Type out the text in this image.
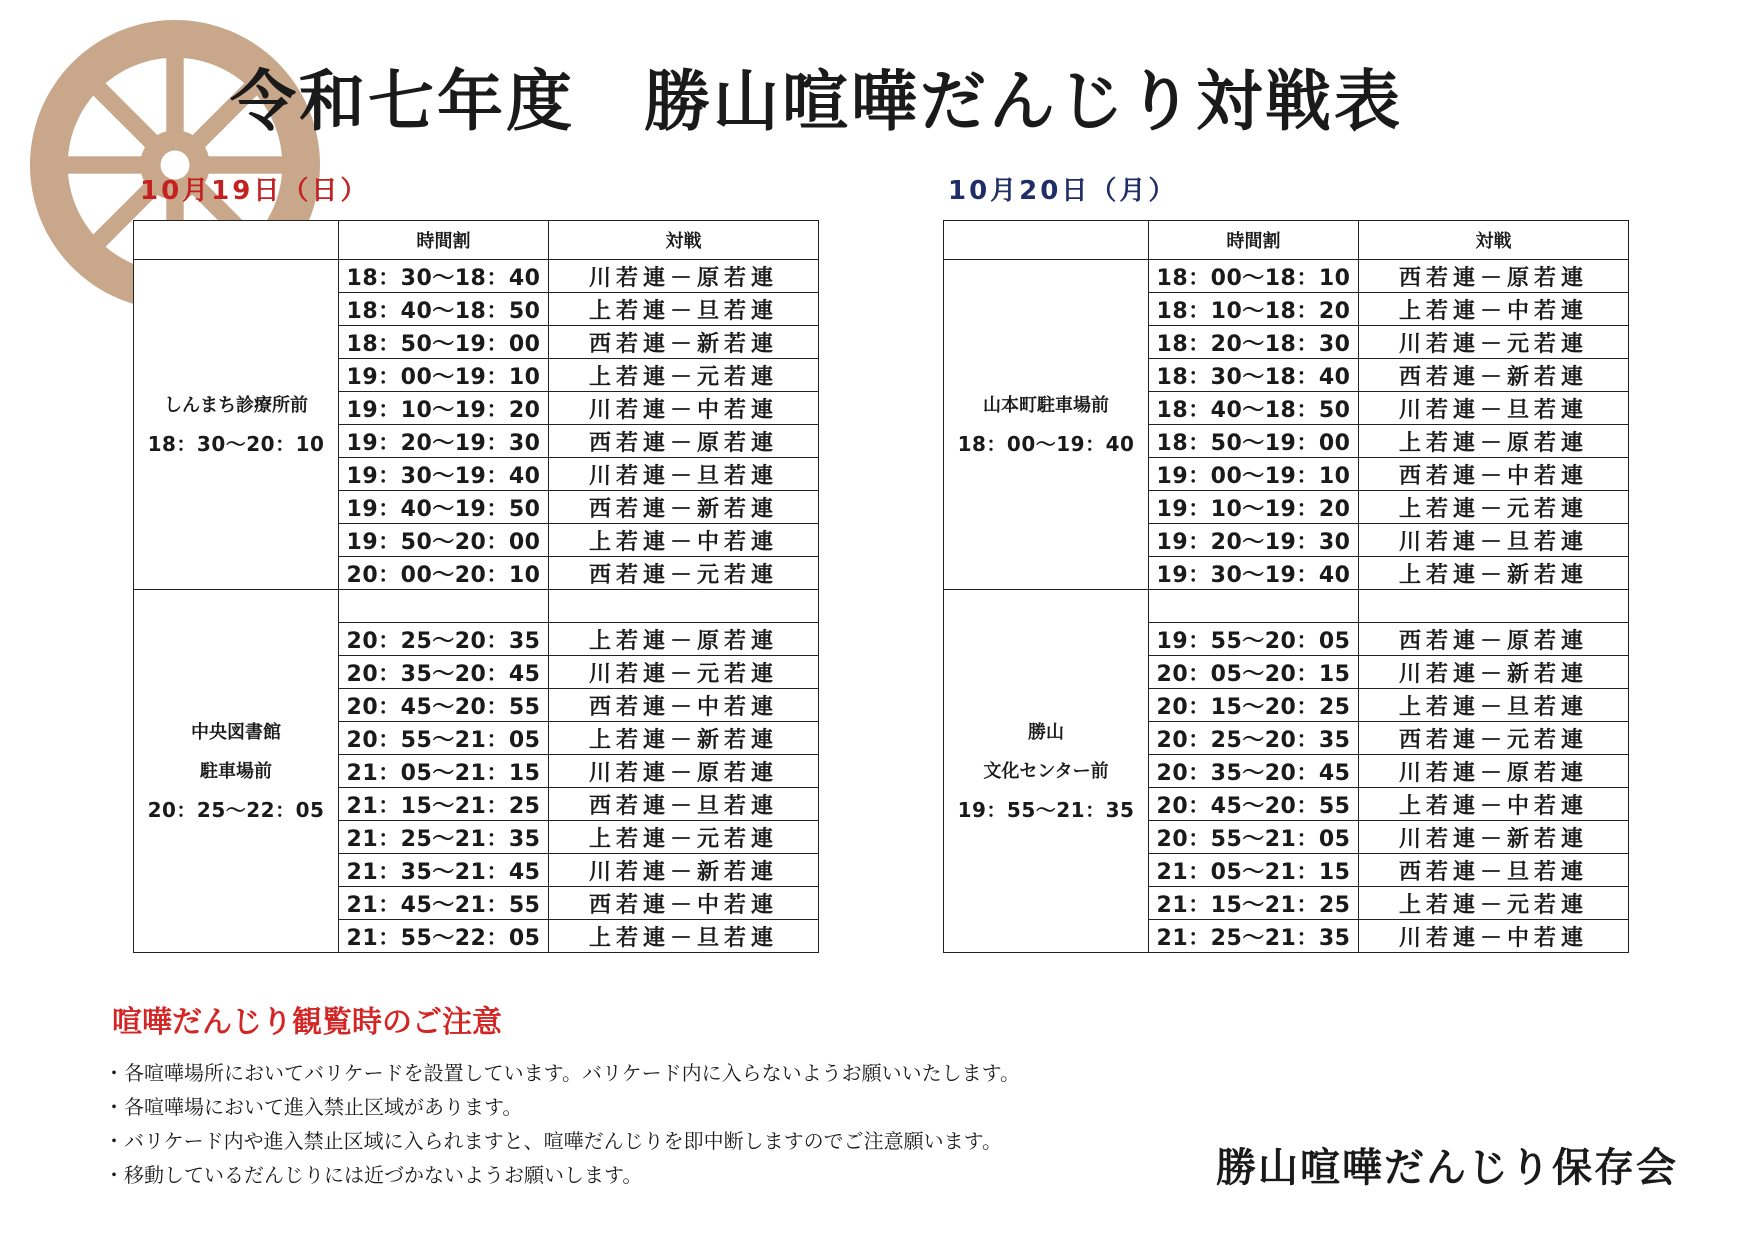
令和七年度　勝山喧嘩だんじり対戦表
10月19日（日）	10月20日（月）
	時間割	対戦

しんまち診療所前
18：30～20：10	18：30～18：40	川若連－原若連
	18：40～18：50	上若連－旦若連
	18：50～19：00	西若連－新若連
	19：00～19：10	上若連－元若連
	19：10～19：20	川若連－中若連
	19：20～19：30	西若連－原若連
	19：30～19：40	川若連－旦若連
	19：40～19：50	西若連－新若連
	19：50～20：00	上若連－中若連
	20：00～20：10	西若連－元若連

中央図書館
駐車場前
20：25～22：05		

	20：25～20：35	上若連－原若連
	20：35～20：45	川若連－元若連
	20：45～20：55	西若連－中若連
	20：55～21：05	上若連－新若連
	21：05～21：15	川若連－原若連
	21：15～21：25	西若連－旦若連
	21：25～21：35	上若連－元若連
	21：35～21：45	川若連－新若連
	21：45～21：55	西若連－中若連
	21：55～22：05	上若連－旦若連
	時間割	対戦

山本町駐車場前
18：00～19：40	18：00～18：10	西若連－原若連
	18：10～18：20	上若連－中若連
	18：20～18：30	川若連－元若連
	18：30～18：40	西若連－新若連
	18：40～18：50	川若連－旦若連
	18：50～19：00	上若連－原若連
	19：00～19：10	西若連－中若連
	19：10～19：20	上若連－元若連
	19：20～19：30	川若連－旦若連
	19：30～19：40	上若連－新若連

勝山
文化センター前
19：55～21：35		

	19：55～20：05	西若連－原若連
	20：05～20：15	川若連－新若連
	20：15～20：25	上若連－旦若連
	20：25～20：35	西若連－元若連
	20：35～20：45	川若連－原若連
	20：45～20：55	上若連－中若連
	20：55～21：05	川若連－新若連
	21：05～21：15	西若連－旦若連
	21：15～21：25	上若連－元若連
	21：25～21：35	川若連－中若連
喧嘩だんじり観覧時のご注意
・各喧嘩場所においてバリケードを設置しています。バリケード内に入らないようお願いいたします。
・各喧嘩場において進入禁止区域があります。
・バリケード内や進入禁止区域に入られますと、喧嘩だんじりを即中断しますのでご注意願います。
・移動しているだんじりには近づかないようお願いします。	勝山喧嘩だんじり保存会
